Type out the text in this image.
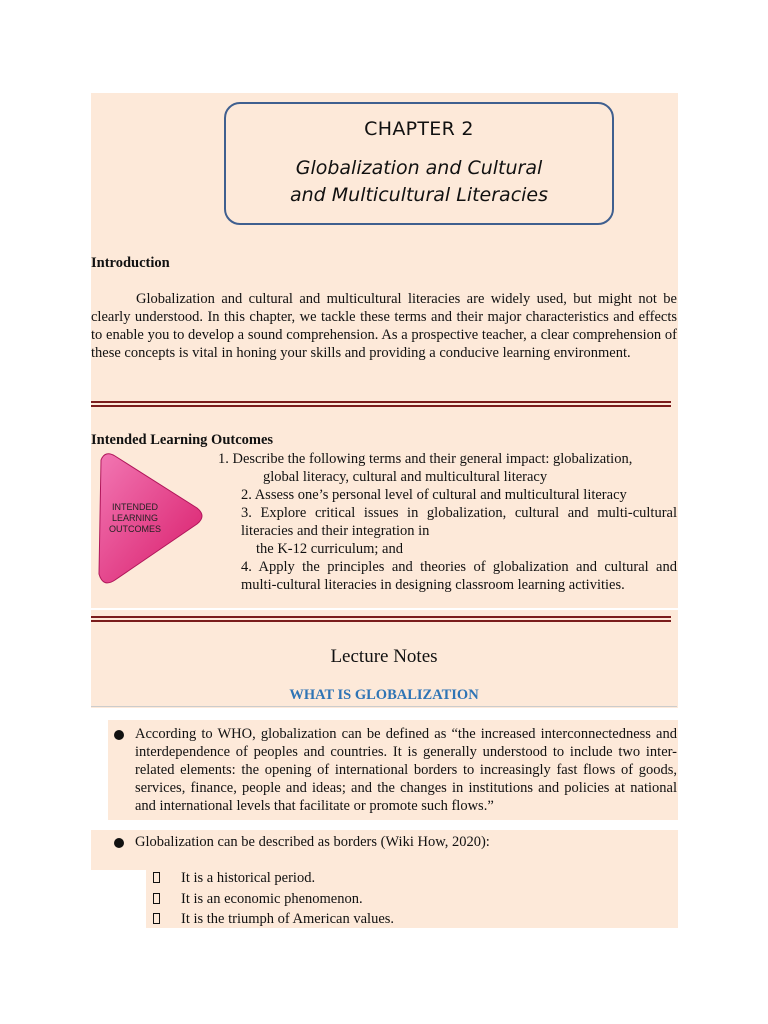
CHAPTER 2
Globalization and Cultural
and Multicultural Literacies
Introduction
Globalization and cultural and multicultural literacies are widely used, but might not be clearly understood. In this chapter, we tackle these terms and their major characteristics and effects to enable you to develop a sound comprehension. As a prospective teacher, a clear comprehension of these concepts is vital in honing your skills and providing a conducive learning environment.
Intended Learning Outcomes
INTENDED
LEARNING
OUTCOMES
1. Describe the following terms and their general impact: globalization,
global literacy, cultural and multicultural literacy
2. Assess one’s personal level of cultural and multicultural literacy
3. Explore critical issues in globalization, cultural and multi-cultural literacies and their integration in
the K-12 curriculum; and
4. Apply the principles and theories of globalization and cultural and multi-cultural literacies in designing classroom learning activities.
Lecture Notes
WHAT IS GLOBALIZATION
According to WHO, globalization can be defined as “the increased interconnectedness and interdependence of peoples and countries. It is generally understood to include two inter-related elements: the opening of international borders to increasingly fast flows of goods, services, finance, people and ideas; and the changes in institutions and policies at national and international levels that facilitate or promote such flows.”
Globalization can be described as borders (Wiki How, 2020):
It is a historical period.
It is an economic phenomenon.
It is the triumph of American values.
